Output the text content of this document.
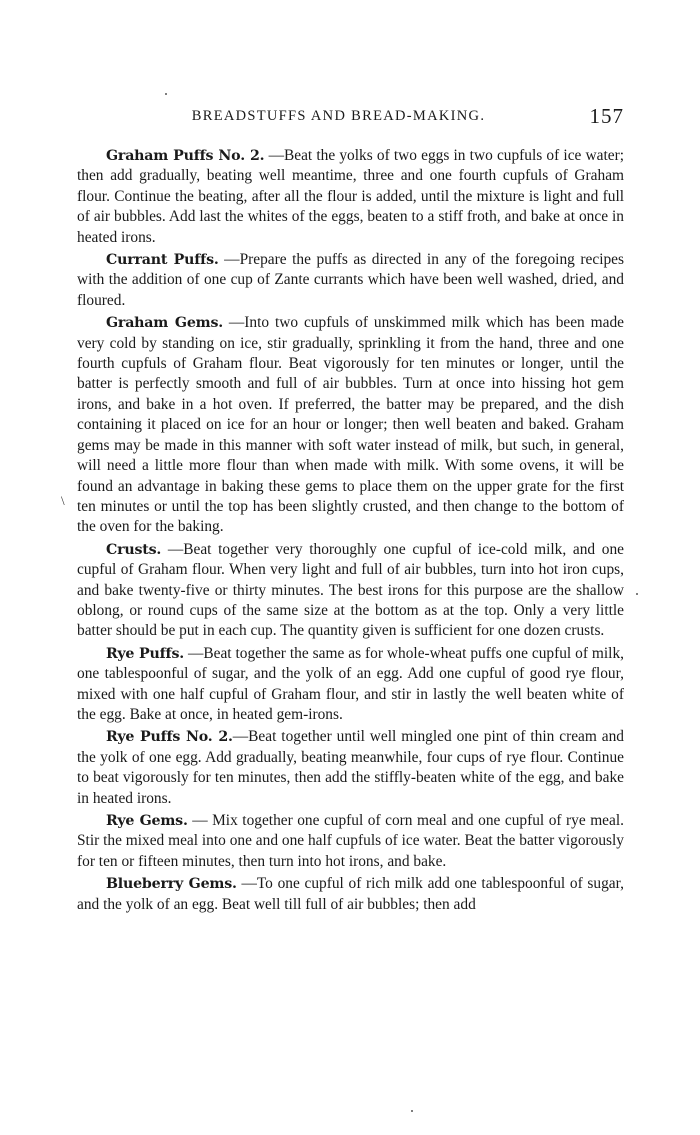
BREADSTUFFS AND BREAD-MAKING.	157
\

Graham Puffs No. 2. —Beat the yolks of two eggs in two cupfuls of ice water; then add gradually, beating well meantime, three and one fourth cupfuls of Graham flour. Continue the beating, after all the flour is added, until the mixture is light and full of air bubbles. Add last the whites of the eggs, beaten to a stiff froth, and bake at once in heated irons.

Currant Puffs. —Prepare the puffs as directed in any of the foregoing recipes with the addition of one cup of Zante currants which have been well washed, dried, and floured.

Graham Gems. —Into two cupfuls of unskimmed milk which has been made very cold by standing on ice, stir gradually, sprinkling it from the hand, three and one fourth cupfuls of Graham flour. Beat vigorously for ten minutes or longer, until the batter is perfectly smooth and full of air bubbles. Turn at once into hissing hot gem irons, and bake in a hot oven. If preferred, the batter may be prepared, and the dish containing it placed on ice for an hour or longer; then well beaten and baked. Graham gems may be made in this manner with soft water instead of milk, but such, in general, will need a little more flour than when made with milk. With some ovens, it will be found an advantage in baking these gems to place them on the upper grate for the first ten minutes or until the top has been slightly crusted, and then change to the bottom of the oven for the baking.

Crusts. —Beat together very thoroughly one cupful of ice-cold milk, and one cupful of Graham flour. When very light and full of air bubbles, turn into hot iron cups, and bake twenty-five or thirty minutes. The best irons for this purpose are the shallow oblong, or round cups of the same size at the bottom as at the top. Only a very little batter should be put in each cup. The quantity given is sufficient for one dozen crusts.

Rye Puffs. —Beat together the same as for whole-wheat puffs one cupful of milk, one tablespoonful of sugar, and the yolk of an egg. Add one cupful of good rye flour, mixed with one half cupful of Graham flour, and stir in lastly the well beaten white of the egg. Bake at once, in heated gem-irons.

Rye Puffs No. 2.—Beat together until well mingled one pint of thin cream and the yolk of one egg. Add gradually, beating meanwhile, four cups of rye flour. Continue to beat vigorously for ten minutes, then add the stiffly-beaten white of the egg, and bake in heated irons.

Rye Gems. — Mix together one cupful of corn meal and one cupful of rye meal. Stir the mixed meal into one and one half cupfuls of ice water. Beat the batter vigorously for ten or fifteen minutes, then turn into hot irons, and bake.

Blueberry Gems. —To one cupful of rich milk add one tablespoonful of sugar, and the yolk of an egg. Beat well till full of air bubbles; then add
